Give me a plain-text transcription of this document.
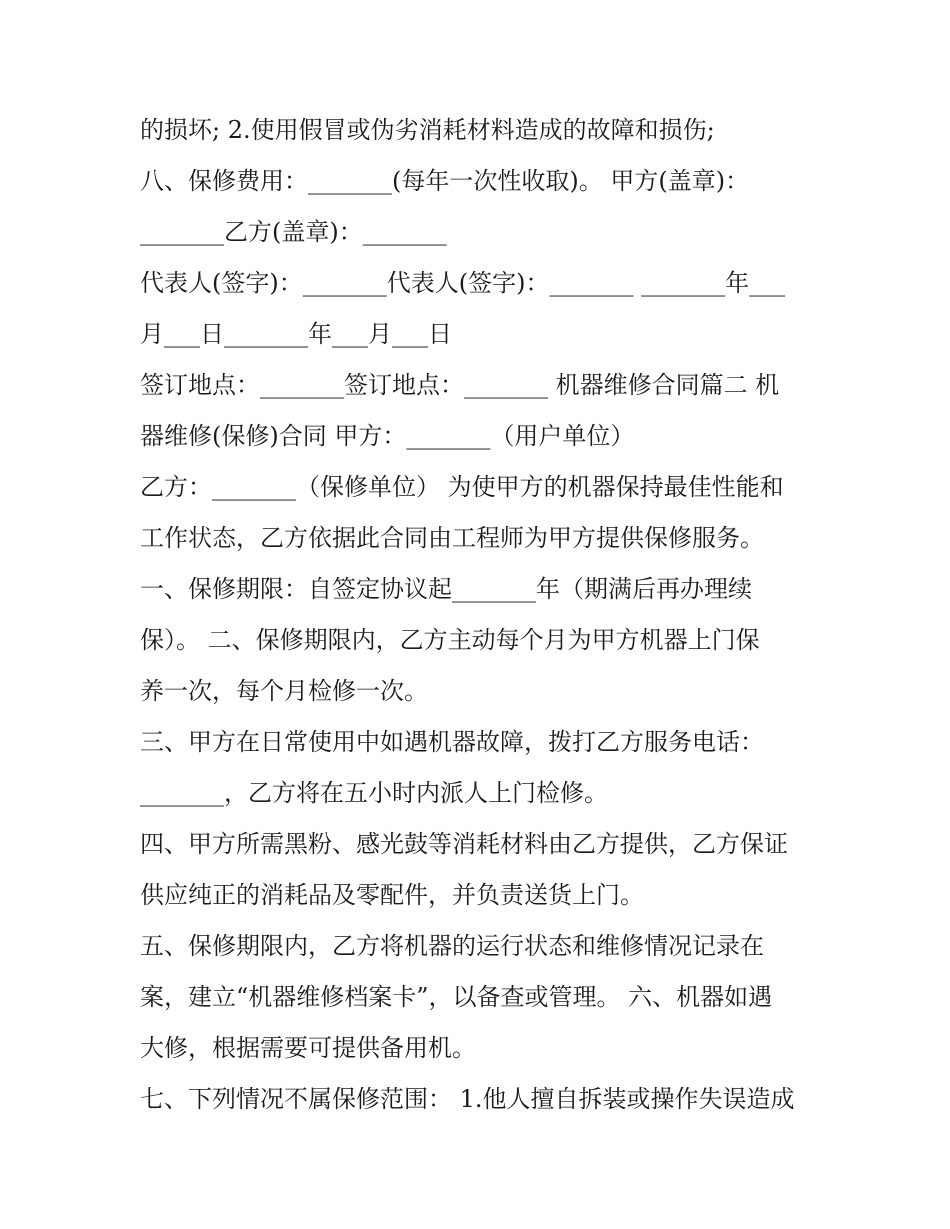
的损坏; 2.使用假冒或伪劣消耗材料造成的故障和损伤;
八、保修费用：_______(每年一次性收取)。 甲方(盖章)：
_______乙方(盖章)：_______
代表人(签字)：_______代表人(签字)：_______ _______年___
月___日_______年___月___日
签订地点：_______签订地点：_______ 机器维修合同篇二 机
器维修(保修)合同 甲方：_______（用户单位）
乙方：_______（保修单位） 为使甲方的机器保持最佳性能和
工作状态，乙方依据此合同由工程师为甲方提供保修服务。
一、保修期限：自签定协议起_______年（期满后再办理续
保）。 二、保修期限内，乙方主动每个月为甲方机器上门保
养一次，每个月检修一次。
三、甲方在日常使用中如遇机器故障，拨打乙方服务电话：
_______，乙方将在五小时内派人上门检修。
四、甲方所需黑粉、感光鼓等消耗材料由乙方提供，乙方保证
供应纯正的消耗品及零配件，并负责送货上门。
五、保修期限内，乙方将机器的运行状态和维修情况记录在
案，建立“机器维修档案卡”，以备查或管理。 六、机器如遇
大修，根据需要可提供备用机。
七、下列情况不属保修范围： 1.他人擅自拆装或操作失误造成
